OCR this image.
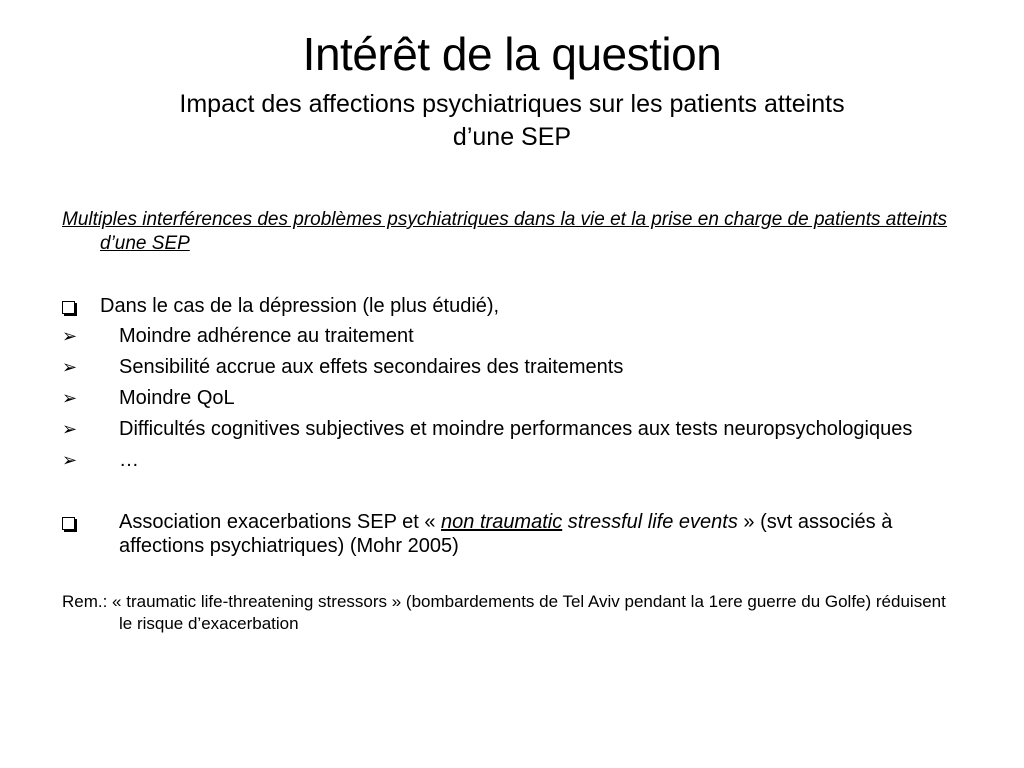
Intérêt de la question
Impact des affections psychiatriques sur les patients atteints
d’une SEP

Multiples interférences des problèmes psychiatriques dans la vie et la prise en charge de patients atteints d’une SEP

Dans le cas de la dépression (le plus étudié),
➢ Moindre adhérence au traitement
➢ Sensibilité accrue aux effets secondaires des traitements
➢ Moindre QoL
➢ Difficultés cognitives subjectives et moindre performances aux tests neuropsychologiques
➢ …
Association exacerbations SEP et « non traumatic stressful life events » (svt associés à affections psychiatriques) (Mohr 2005)

Rem.: « traumatic life-threatening stressors » (bombardements de Tel Aviv pendant la 1ere guerre du Golfe) réduisent le risque d’exacerbation
